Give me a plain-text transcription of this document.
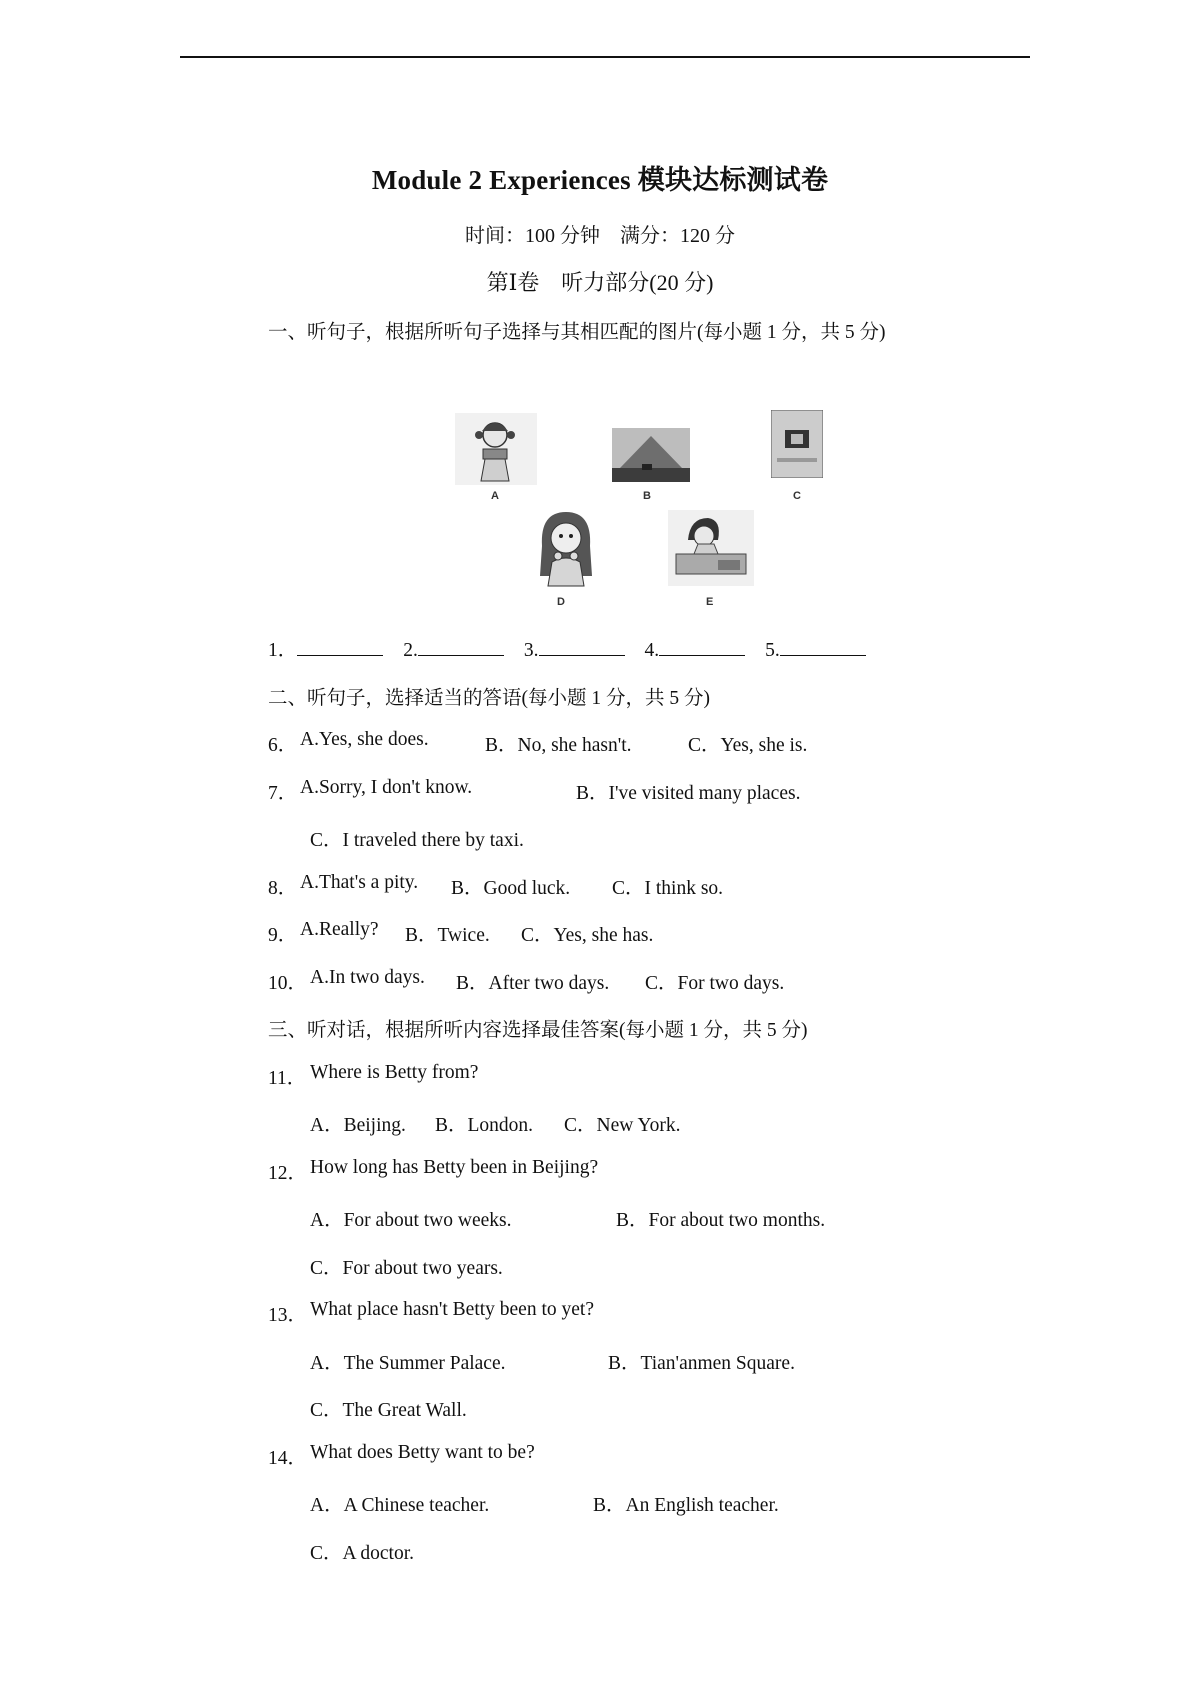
Module 2 Experiences 模块达标测试卷
时间：100 分钟　满分：120 分
第Ⅰ卷　听力部分(20 分)
一、听句子，根据所听句子选择与其相匹配的图片(每小题 1 分，共 5 分)
A	B	C
D	E
1．	2.	3.	4.	5.
二、听句子，选择适当的答语(每小题 1 分，共 5 分)
6． A.Yes, she does.	B．No, she hasn't.	C．Yes, she is.
7． A.Sorry, I don't know.	B．I've visited many places.
C．I traveled there by taxi.
8． A.That's a pity. B．Good luck. C．I think so.
9． A.Really? B．Twice. C．Yes, she has.
10． A.In two days. B．After two days. C．For two days.
三、听对话，根据所听内容选择最佳答案(每小题 1 分，共 5 分)
11． Where is Betty from?
A．Beijing. B．London. C．New York.
12． How long has Betty been in Beijing?
A．For about two weeks.	B．For about two months.
C．For about two years.
13． What place hasn't Betty been to yet?
A．The Summer Palace.	B．Tian'anmen Square.
C．The Great Wall.
14． What does Betty want to be?
A．A Chinese teacher.	B．An English teacher.
C．A doctor.
